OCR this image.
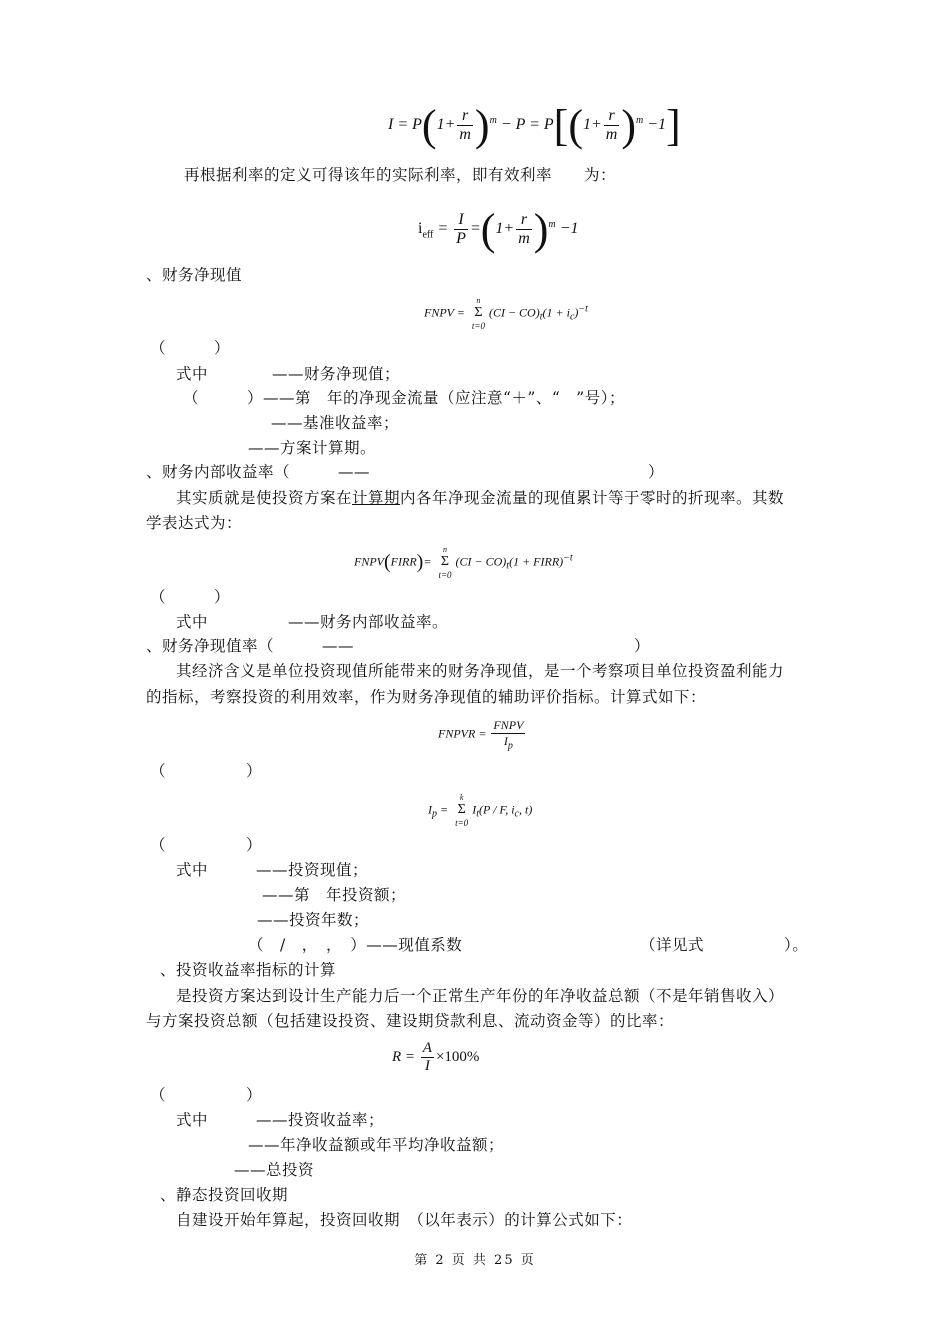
$I = P(1+ \frac{r}{m} )^m - P = P[(1+ \frac{r}{m} )^m -1]$
再根据利率的定义可得该年的实际利率，即有效利率　　为：
$i_{eff} = \frac{I}{P} =(1+ \frac{r}{m} )^m -1$
、财务净现值
FNPV =
n
Σ
t=0
$(CI - CO)_t(1 + i_c)^{-t}$
（　　　）
式中　　　　——财务净现值；
（　　　）——第　年的净现金流量（应注意“＋”、“　”号）；
——基准收益率；
——方案计算期。
、财务内部收益率（　　　——	）
其实质就是使投资方案在计算期内各年净现金流量的现值累计等于零时的折现率。其数
学表达式为：
FNPV(FIRR)=
n
Σ
t=0
$(CI - CO)_t(1$ + FIRR)$^{-t}$
（　　　）
式中　　　　　——财务内部收益率。
、财务净现值率（　　　——	）
其经济含义是单位投资现值所能带来的财务净现值，是一个考察项目单位投资盈利能力
的指标，考察投资的利用效率，作为财务净现值的辅助评价指标。计算式如下：
FNPVR = $\frac{\text{FNPV}}{I_p}$
（　　　　　）
$I_p$ =
k
Σ
t=0
$I_t(P$ / F, $i_c$, t)
（　　　　　）
式中　　　——投资现值；
——第　年投资额；
——投资年数；
（　/　，　，　）——现值系数	（详见式　　　　　）。
、投资收益率指标的计算
是投资方案达到设计生产能力后一个正常生产年份的年净收益总额（不是年销售收入）
与方案投资总额（包括建设投资、建设期贷款利息、流动资金等）的比率：
$R = \frac{A}{I} \times 100\%$
（　　　　　）
式中　　　——投资收益率；
——年净收益额或年平均净收益额；
——总投资
、静态投资回收期
自建设开始年算起，投资回收期　（以年表示）的计算公式如下：
第 2 页 共 25 页
